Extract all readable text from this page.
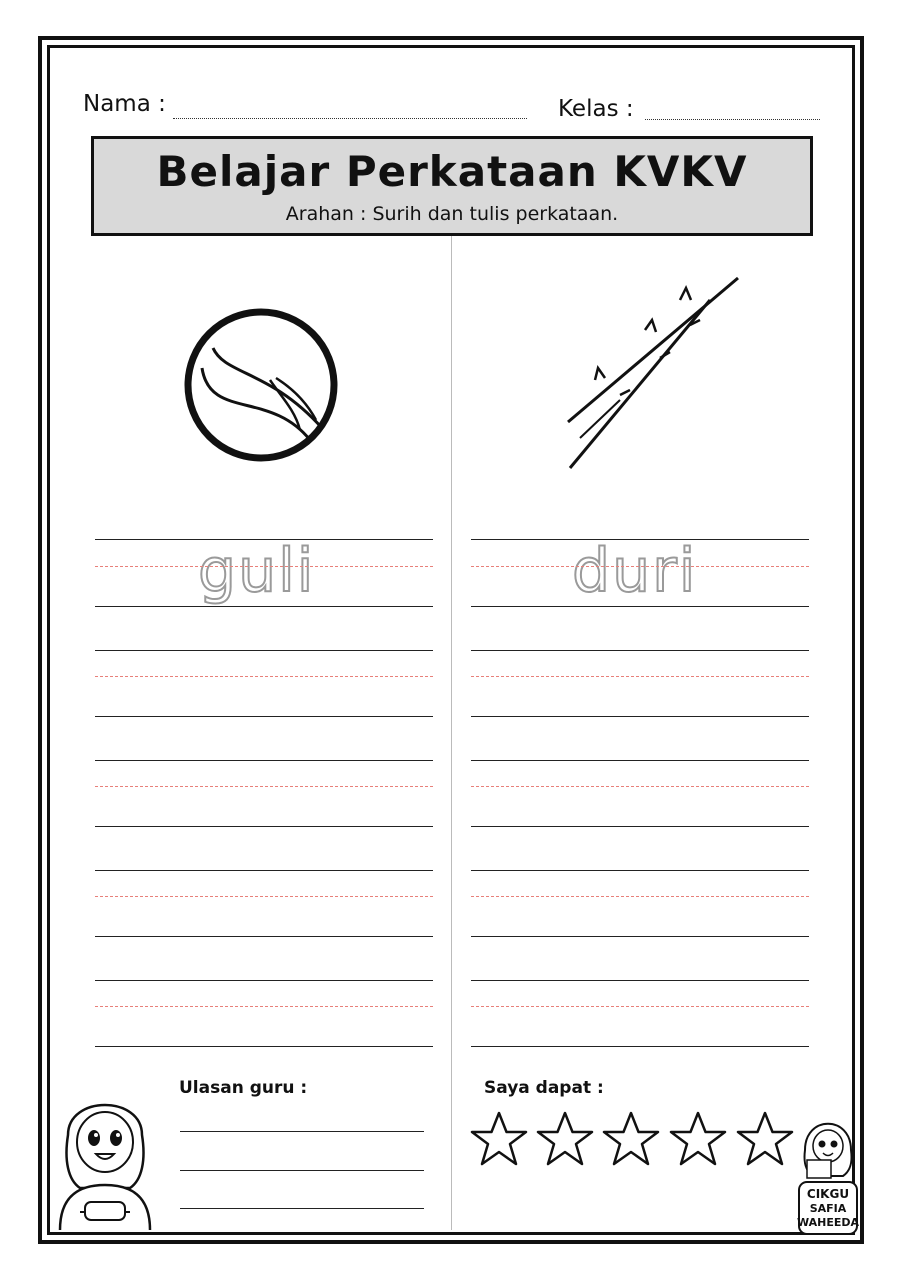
Nama :	Kelas :
Belajar Perkataan KVKV
Arahan : Surih dan tulis perkataan.
guli	duri
Ulasan guru :	Saya dapat :
CIKGU
SAFIA
WAHEEDA
